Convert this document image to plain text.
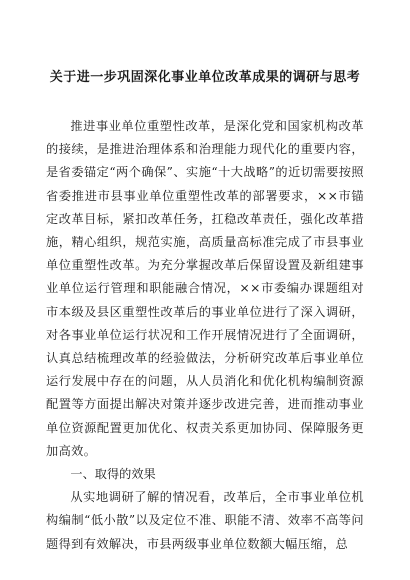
关于进一步巩固深化事业单位改革成果的调研与思考

推进事业单位重塑性改革，是深化党和国家机构改革的接续，是推进治理体系和治理能力现代化的重要内容，是省委锚定“两个确保”、实施“十大战略”的近切需要按照省委推进市县事业单位重塑性改革的部署要求，××市锚定改革目标，紧扣改革任务，扛稳改革责任，强化改革措施，精心组织，规范实施，高质量高标准完成了市县事业单位重塑性改革。为充分掌握改革后保留设置及新组建事业单位运行管理和职能融合情况，××市委编办课题组对市本级及县区重塑性改革后的事业单位进行了深入调研，对各事业单位运行状况和工作开展情况进行了全面调研，认真总结梳理改革的经验做法，分析研究改革后事业单位运行发展中存在的问题，从人员消化和优化机构编制资源配置等方面提出解决对策并逐步改进完善，进而推动事业单位资源配置更加优化、权责关系更加协同、保障服务更加高效。

一、取得的效果

从实地调研了解的情况看，改革后，全市事业单位机构编制“低小散”以及定位不准、职能不清、效率不高等问题得到有效解决，市县两级事业单位数额大幅压缩，总
